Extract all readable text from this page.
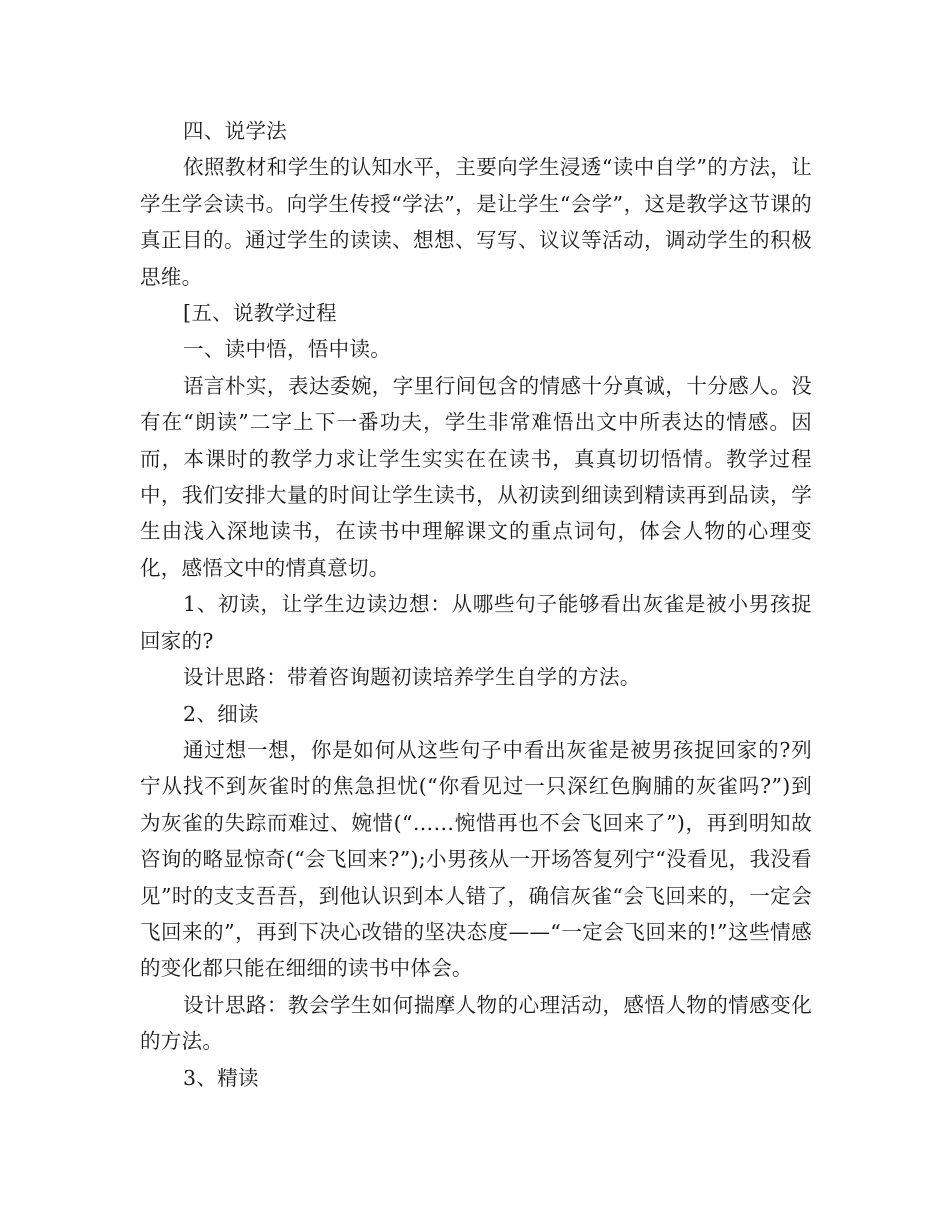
四、说学法

依照教材和学生的认知水平，主要向学生浸透“读中自学”的方法，让学生学会读书。向学生传授“学法”，是让学生“会学”，这是教学这节课的真正目的。通过学生的读读、想想、写写、议议等活动，调动学生的积极思维。

[五、说教学过程

一、读中悟，悟中读。

语言朴实，表达委婉，字里行间包含的情感十分真诚，十分感人。没有在“朗读”二字上下一番功夫，学生非常难悟出文中所表达的情感。因而，本课时的教学力求让学生实实在在读书，真真切切悟情。教学过程中，我们安排大量的时间让学生读书，从初读到细读到精读再到品读，学生由浅入深地读书，在读书中理解课文的重点词句，体会人物的心理变化，感悟文中的情真意切。

1、初读，让学生边读边想：从哪些句子能够看出灰雀是被小男孩捉回家的?

设计思路：带着咨询题初读培养学生自学的方法。

2、细读

通过想一想，你是如何从这些句子中看出灰雀是被男孩捉回家的?列宁从找不到灰雀时的焦急担忧(“你看见过一只深红色胸脯的灰雀吗?”)到为灰雀的失踪而难过、婉惜(“……惋惜再也不会飞回来了”)，再到明知故咨询的略显惊奇(“会飞回来?”);小男孩从一开场答复列宁“没看见，我没看见”时的支支吾吾，到他认识到本人错了，确信灰雀“会飞回来的，一定会飞回来的”，再到下决心改错的坚决态度——“一定会飞回来的!”这些情感的变化都只能在细细的读书中体会。

设计思路：教会学生如何揣摩人物的心理活动，感悟人物的情感变化的方法。

3、精读
